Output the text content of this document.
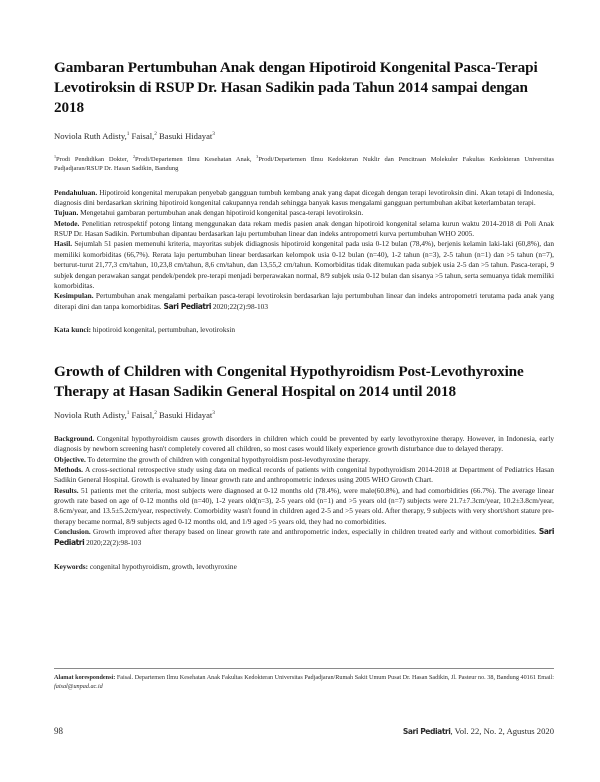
Gambaran Pertumbuhan Anak dengan Hipotiroid Kongenital Pasca-Terapi Levotiroksin di RSUP Dr. Hasan Sadikin pada Tahun 2014 sampai dengan 2018
Noviola Ruth Adisty,$^1$ Faisal,$^2$ Basuki Hidayat$^3$
$^1$Prodi Pendidikan Dokter, $^2$Prodi/Departemen Ilmu Kesehatan Anak, $^3$Prodi/Departemen Ilmu Kedokteran Nuklir dan Pencitraan Molekuler Fakultas Kedokteran Universitas Padjadjaran/RSUP Dr. Hasan Sadikin, Bandung

Pendahuluan. Hipotiroid kongenital merupakan penyebab gangguan tumbuh kembang anak yang dapat dicegah dengan terapi levotiroksin dini. Akan tetapi di Indonesia, diagnosis dini berdasarkan skrining hipotiroid kongenital cakupannya rendah sehingga banyak kasus mengalami gangguan pertumbuhan akibat keterlambatan terapi.

Tujuan. Mengetahui gambaran pertumbuhan anak dengan hipotiroid kongenital pasca-terapi levotiroksin.

Metode. Penelitian retrospektif potong lintang menggunakan data rekam medis pasien anak dengan hipotiroid kongenital selama kurun waktu 2014-2018 di Poli Anak RSUP Dr. Hasan Sadikin. Pertumbuhan dipantau berdasarkan laju pertumbuhan linear dan indeks antropometri kurva pertumbuhan WHO 2005.

Hasil. Sejumlah 51 pasien memenuhi kriteria, mayoritas subjek didiagnosis hipotiroid kongenital pada usia 0-12 bulan (78,4%), berjenis kelamin laki-laki (60,8%), dan memiliki komorbiditas (66,7%). Rerata laju pertumbuhan linear berdasarkan kelompok usia 0-12 bulan (n=40), 1-2 tahun (n=3), 2-5 tahun (n=1) dan >5 tahun (n=7), berturut-turut 21,77,3 cm/tahun, 10,23,8 cm/tahun, 8,6 cm/tahun, dan 13,55,2 cm/tahun. Komorbiditas tidak ditemukan pada subjek usia 2-5 dan >5 tahun. Pasca-terapi, 9 subjek dengan perawakan sangat pendek/pendek pre-terapi menjadi berperawakan normal, 8/9 subjek usia 0-12 bulan dan sisanya >5 tahun, serta semuanya tidak memiliki komorbiditas.

Kesimpulan. Pertumbuhan anak mengalami perbaikan pasca-terapi levotiroksin berdasarkan laju pertumbuhan linear dan indeks antropometri terutama pada anak yang diterapi dini dan tanpa komorbiditas. Sari Pediatri 2020;22(2):98-103

Kata kunci: hipotiroid kongenital, pertumbuhan, levotiroksin
Growth of Children with Congenital Hypothyroidism Post-Levothyroxine Therapy at Hasan Sadikin General Hospital on 2014 until 2018
Noviola Ruth Adisty,$^1$ Faisal,$^2$ Basuki Hidayat$^3$

Background. Congenital hypothyroidism causes growth disorders in children which could be prevented by early levothyroxine therapy. However, in Indonesia, early diagnosis by newborn screening hasn't completely covered all children, so most cases would likely experience growth disturbance due to delayed therapy.

Objective. To determine the growth of children with congenital hypothyroidism post-levothyroxine therapy.

Methods. A cross-sectional retrospective study using data on medical records of patients with congenital hypothyroidism 2014-2018 at Department of Pediatrics Hasan Sadikin General Hospital. Growth is evaluated by linear growth rate and anthropometric indexes using 2005 WHO Growth Chart.

Results. 51 patients met the criteria, most subjects were diagnosed at 0-12 months old (78.4%), were male(60.8%), and had comorbidities (66.7%). The average linear growth rate based on age of 0-12 months old (n=40), 1-2 years old(n=3), 2-5 years old (n=1) and >5 years old (n=7) subjects were 21.7±7.3cm/year, 10.2±3.8cm/year, 8.6cm/year, and 13.5±5.2cm/year, respectively. Comorbidity wasn't found in children aged 2-5 and >5 years old. After therapy, 9 subjects with very short/short stature pre-therapy became normal, 8/9 subjects aged 0-12 months old, and 1/9 aged >5 years old, they had no comorbidities.

Conclusion. Growth improved after therapy based on linear growth rate and anthropometric index, especially in children treated early and without comorbidities. Sari Pediatri 2020;22(2):98-103

Keywords: congenital hypothyroidism, growth, levothyroxine
Alamat korespondensi: Faisal. Departemen Ilmu Kesehatan Anak Fakultas Kedokteran Universitas Padjadjaran/Rumah Sakit Umum Pusat Dr. Hasan Sadikin, Jl. Pasteur no. 38, Bandung 40161 Email: faisal@unpad.ac.id
98	Sari Pediatri, Vol. 22, No. 2, Agustus 2020
